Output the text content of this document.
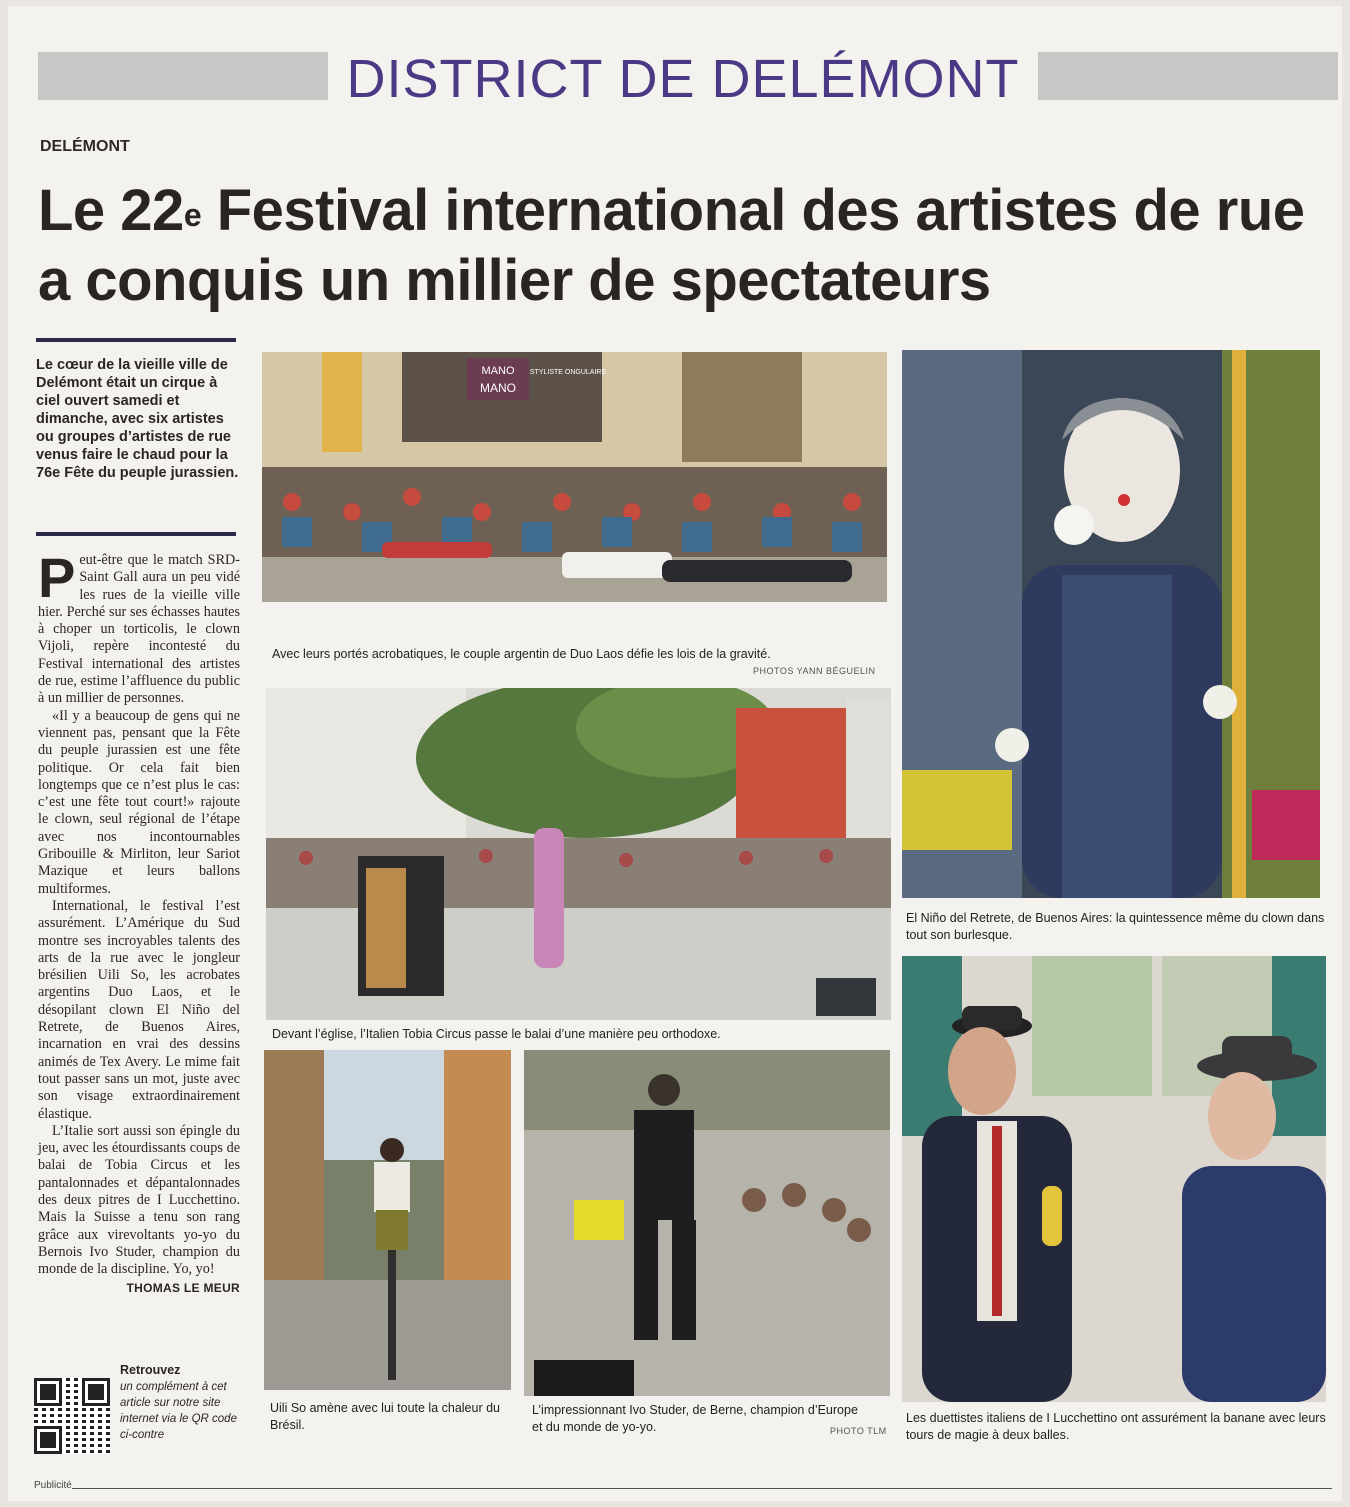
DISTRICT DE DELÉMONT
DELÉMONT
Le 22e Festival international des artistes de rue a conquis un millier de spectateurs
Le cœur de la vieille ville de Delémont était un cirque à ciel ouvert samedi et dimanche, avec six artistes ou groupes d’artistes de rue venus faire le chaud pour la 76e Fête du peuple jurassien.

Peut-être que le match SRD-Saint Gall aura un peu vidé les rues de la vieille ville hier. Perché sur ses échasses hautes à choper un torticolis, le clown Vijoli, repère incontesté du Festival international des artistes de rue, estime l’affluence du public à un millier de personnes.

«Il y a beaucoup de gens qui ne viennent pas, pensant que la Fête du peuple jurassien est une fête politique. Or cela fait bien longtemps que ce n’est plus le cas: c’est une fête tout court!» rajoute le clown, seul régional de l’étape avec nos incontournables Gribouille & Mirliton, leur Sariot Mazique et leurs ballons multiformes.

International, le festival l’est assurément. L’Amérique du Sud montre ses incroyables talents des arts de la rue avec le jongleur brésilien Uili So, les acrobates argentins Duo Laos, et le désopilant clown El Niño del Retrete, de Buenos Aires, incarnation en vrai des dessins animés de Tex Avery. Le mime fait tout passer sans un mot, juste avec son visage extraordinairement élastique.

L’Italie sort aussi son épingle du jeu, avec les étourdissants coups de balai de Tobia Circus et les pantalonnades et dépantalonnades des deux pitres de I Lucchettino. Mais la Suisse a tenu son rang grâce aux virevoltants yo-yo du Bernois Ivo Studer, champion du monde de la discipline. Yo, yo!

THOMAS LE MEUR
Retrouvez
un complément à cet article sur notre site internet via le QR code ci-contre
Publicité
MANO
MANO
STYLISTE ONGULAIRE
Avec leurs portés acrobatiques, le couple argentin de Duo Laos défie les lois de la gravité.
PHOTOS YANN BÉGUELIN
El Niño del Retrete, de Buenos Aires: la quintessence même du clown dans tout son burlesque.
Devant l’église, l’Italien Tobia Circus passe le balai d’une manière peu orthodoxe.
Uili So amène avec lui toute la chaleur du Brésil.
L’impressionnant Ivo Studer, de Berne, champion d’Europe et du monde de yo-yo.	PHOTO TLM
Les duettistes italiens de I Lucchettino ont assurément la banane avec leurs tours de magie à deux balles.
